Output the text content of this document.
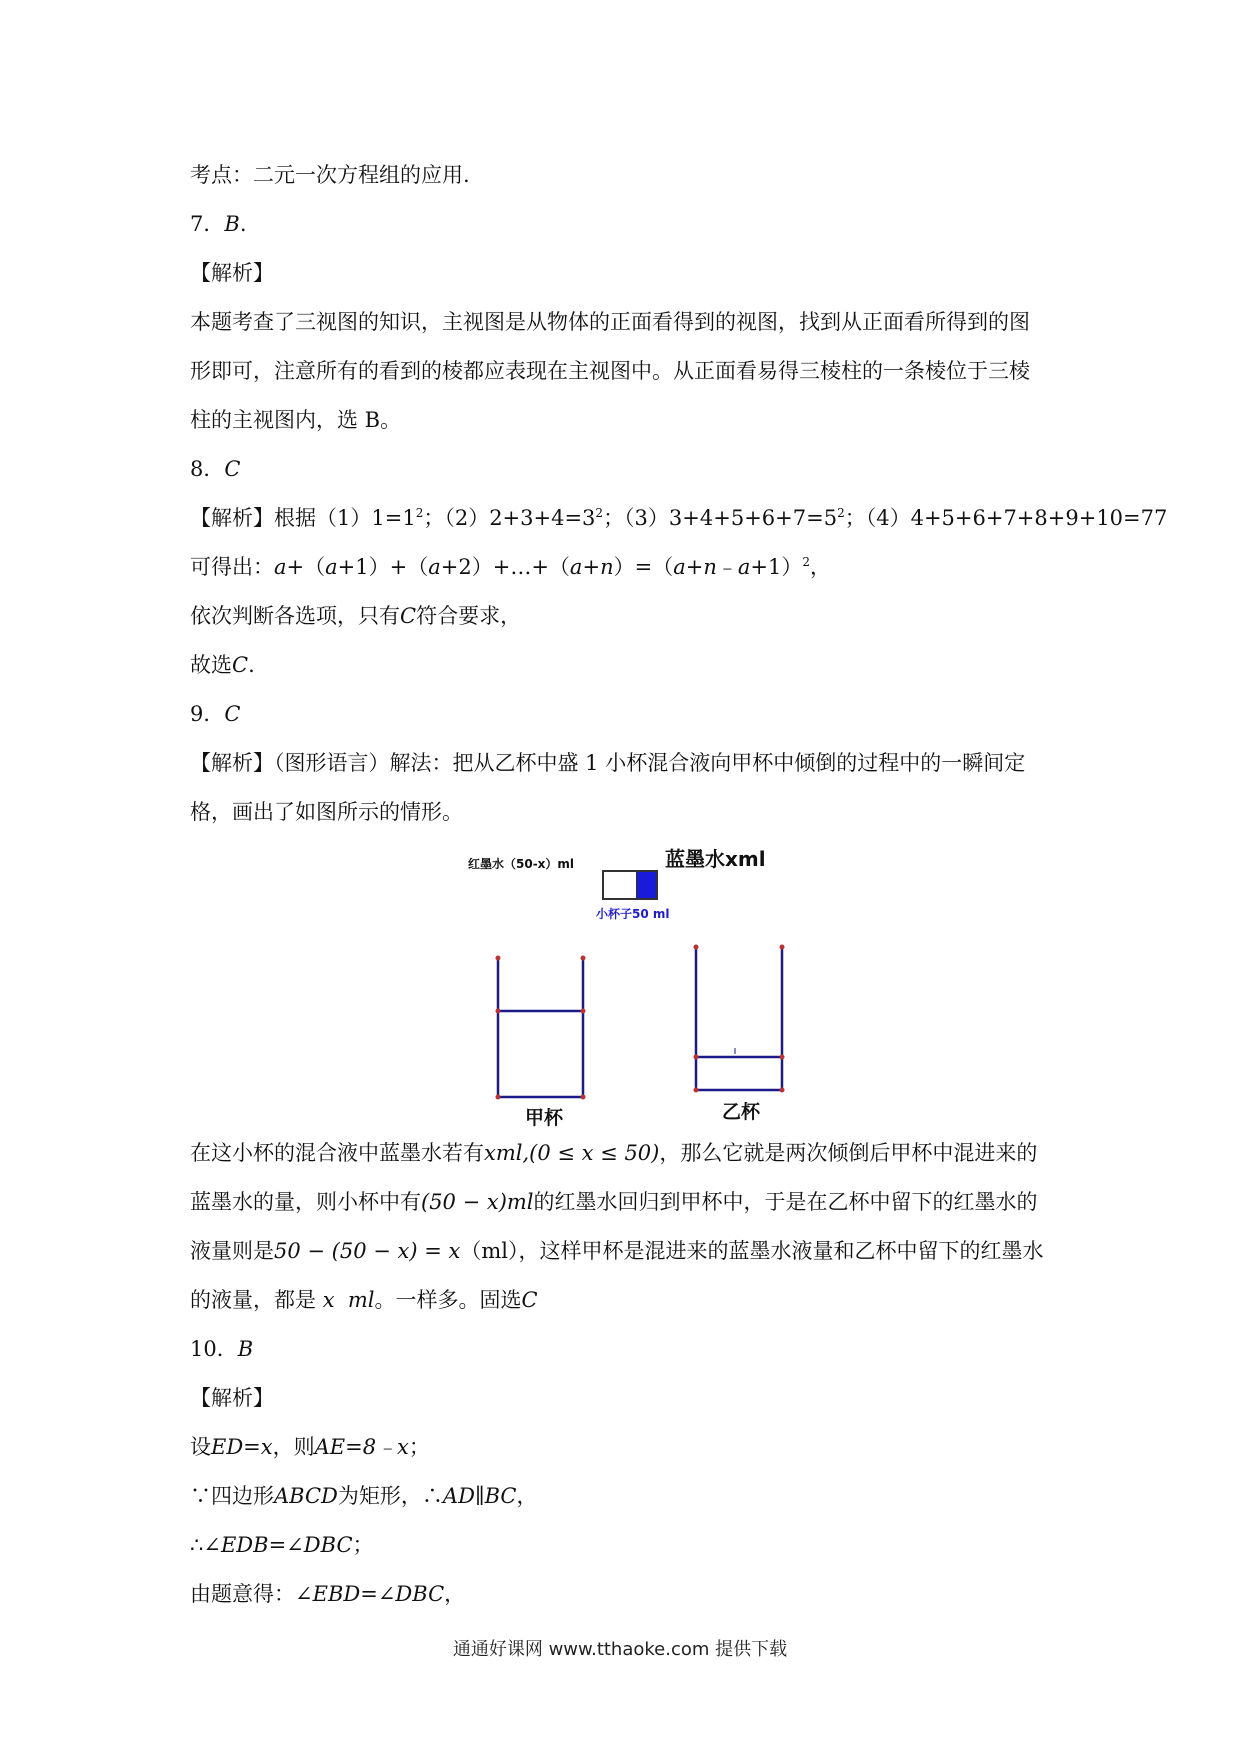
考点：二元一次方程组的应用.
7．B.
【解析】
本题考查了三视图的知识，主视图是从物体的正面看得到的视图，找到从正面看所得到的图
形即可，注意所有的看到的棱都应表现在主视图中。从正面看易得三棱柱的一条棱位于三棱
柱的主视图内，选 B。
8．C
【解析】根据$(1)1=1^2$；$(2)2+3+4=3^2$；$(3)3+4+5+6+7=5^2$；（4）4+5+6+7+8+9+10=77
可得出：a+（a+1）+（a+2）+…+（a+n）=（a+n﹣a+1）$^2$，
依次判断各选项，只有C符合要求，
故选C.
9．C
【解析】（图形语言）解法：把从乙杯中盛 1 小杯混合液向甲杯中倾倒的过程中的一瞬间定
格，画出了如图所示的情形。
红墨水（50-x）ml	蓝墨水xml
小杯子50 ml
甲杯	乙杯
在这小杯的混合液中蓝墨水若有xml,(0 ≤ x ≤ 50)，那么它就是两次倾倒后甲杯中混进来的
蓝墨水的量，则小杯中有(50 − x)ml的红墨水回归到甲杯中，于是在乙杯中留下的红墨水的
液量则是50 − (50 − x) = x（ml），这样甲杯是混进来的蓝墨水液量和乙杯中留下的红墨水
的液量，都是 x ml。一样多。固选C
10．B
【解析】
设ED=x，则AE=8﹣x；
∵四边形ABCD为矩形，∴AD∥BC，
∴∠EDB=∠DBC；
由题意得：∠EBD=∠DBC，
通通好课网 www.tthaoke.com 提供下载
